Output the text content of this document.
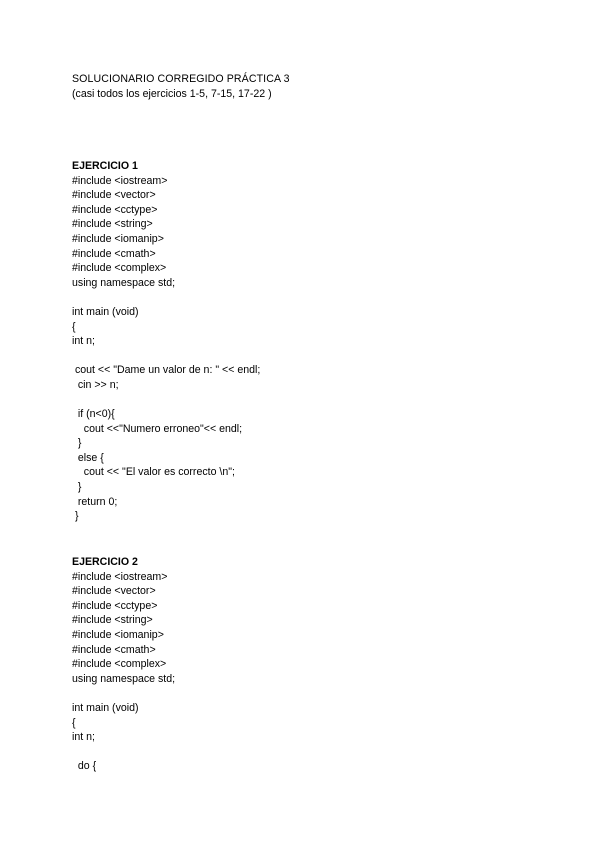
SOLUCIONARIO CORREGIDO PRÁCTICA 3
(casi todos los ejercicios 1-5, 7-15, 17-22 )
EJERCICIO 1
#include <iostream>
#include <vector>
#include <cctype>
#include <string>
#include <iomanip>
#include <cmath>
#include <complex>
using namespace std;
int main (void)
{
int n;
cout << "Dame un valor de n: " << endl;
cin >> n;
if (n<0){
cout <<"Numero erroneo"<< endl;
}
else {
cout << "El valor es correcto \n";
}
return 0;
}
EJERCICIO 2
#include <iostream>
#include <vector>
#include <cctype>
#include <string>
#include <iomanip>
#include <cmath>
#include <complex>
using namespace std;
int main (void)
{
int n;
do {
